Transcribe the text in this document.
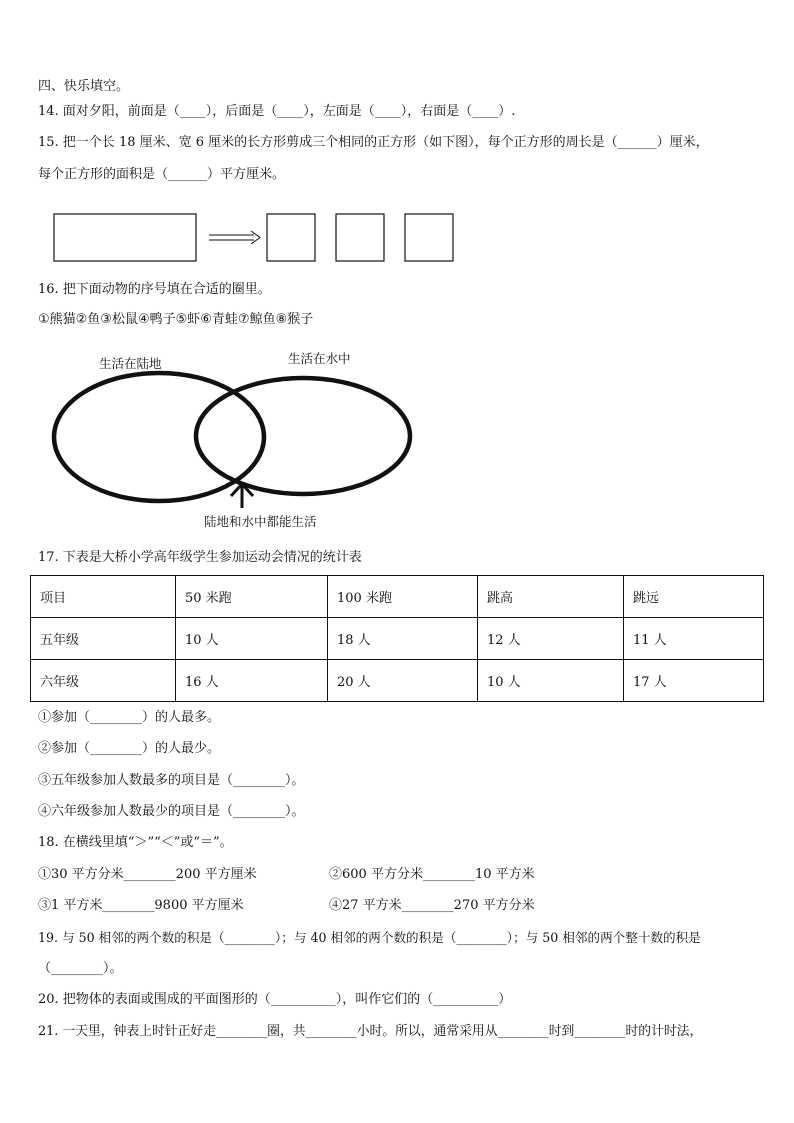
四、快乐填空。
14. 面对夕阳，前面是（____），后面是（____），左面是（____），右面是（____）.
15. 把一个长 18 厘米、宽 6 厘米的长方形剪成三个相同的正方形（如下图），每个正方形的周长是（______）厘米，
每个正方形的面积是（______）平方厘米。
16. 把下面动物的序号填在合适的圈里。
①熊猫②鱼③松鼠④鸭子⑤虾⑥青蛙⑦鲸鱼⑧猴子
生活在陆地	生活在水中
陆地和水中都能生活
17. 下表是大桥小学高年级学生参加运动会情况的统计表
项目	50 米跑	100 米跑	跳高	跳远
五年级	10 人	18 人	12 人	11 人
六年级	16 人	20 人	10 人	17 人
①参加（________）的人最多。
②参加（________）的人最少。
③五年级参加人数最多的项目是（________）。
④六年级参加人数最少的项目是（________）。
18. 在横线里填“＞”“＜”或“＝”。
①30 平方分米________200 平方厘米	②600 平方分米________10 平方米
③1 平方米________9800 平方厘米	④27 平方米________270 平方分米
19. 与 50 相邻的两个数的积是（________）；与 40 相邻的两个数的积是（________）；与 50 相邻的两个整十数的积是
（________）。
20. 把物体的表面或围成的平面图形的（__________），叫作它们的（__________）
21. 一天里，钟表上时针正好走________圈，共________小时。所以，通常采用从________时到________时的计时法，
